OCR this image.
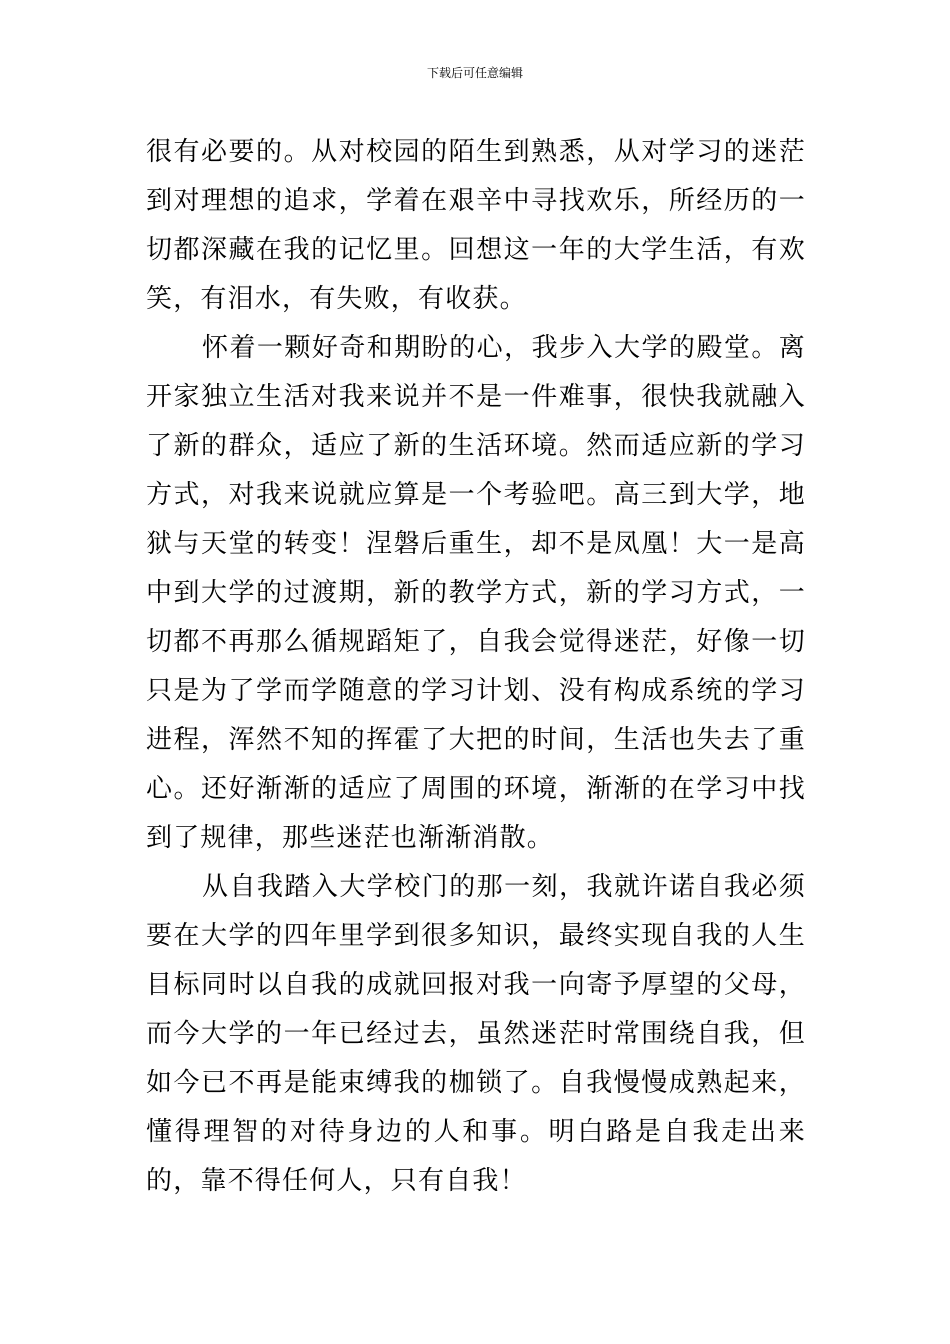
下载后可任意编辑

很有必要的。从对校园的陌生到熟悉，从对学习的迷茫到对理想的追求，学着在艰辛中寻找欢乐，所经历的一切都深藏在我的记忆里。回想这一年的大学生活，有欢笑，有泪水，有失败，有收获。

怀着一颗好奇和期盼的心，我步入大学的殿堂。离开家独立生活对我来说并不是一件难事，很快我就融入了新的群众，适应了新的生活环境。然而适应新的学习方式，对我来说就应算是一个考验吧。高三到大学，地狱与天堂的转变！涅磐后重生，却不是凤凰！大一是高中到大学的过渡期，新的教学方式，新的学习方式，一切都不再那么循规蹈矩了，自我会觉得迷茫，好像一切只是为了学而学随意的学习计划、没有构成系统的学习进程，浑然不知的挥霍了大把的时间，生活也失去了重心。还好渐渐的适应了周围的环境，渐渐的在学习中找到了规律，那些迷茫也渐渐消散。

从自我踏入大学校门的那一刻，我就许诺自我必须要在大学的四年里学到很多知识，最终实现自我的人生目标同时以自我的成就回报对我一向寄予厚望的父母，而今大学的一年已经过去，虽然迷茫时常围绕自我，但如今已不再是能束缚我的枷锁了。自我慢慢成熟起来，懂得理智的对待身边的人和事。明白路是自我走出来的，靠不得任何人，只有自我！
